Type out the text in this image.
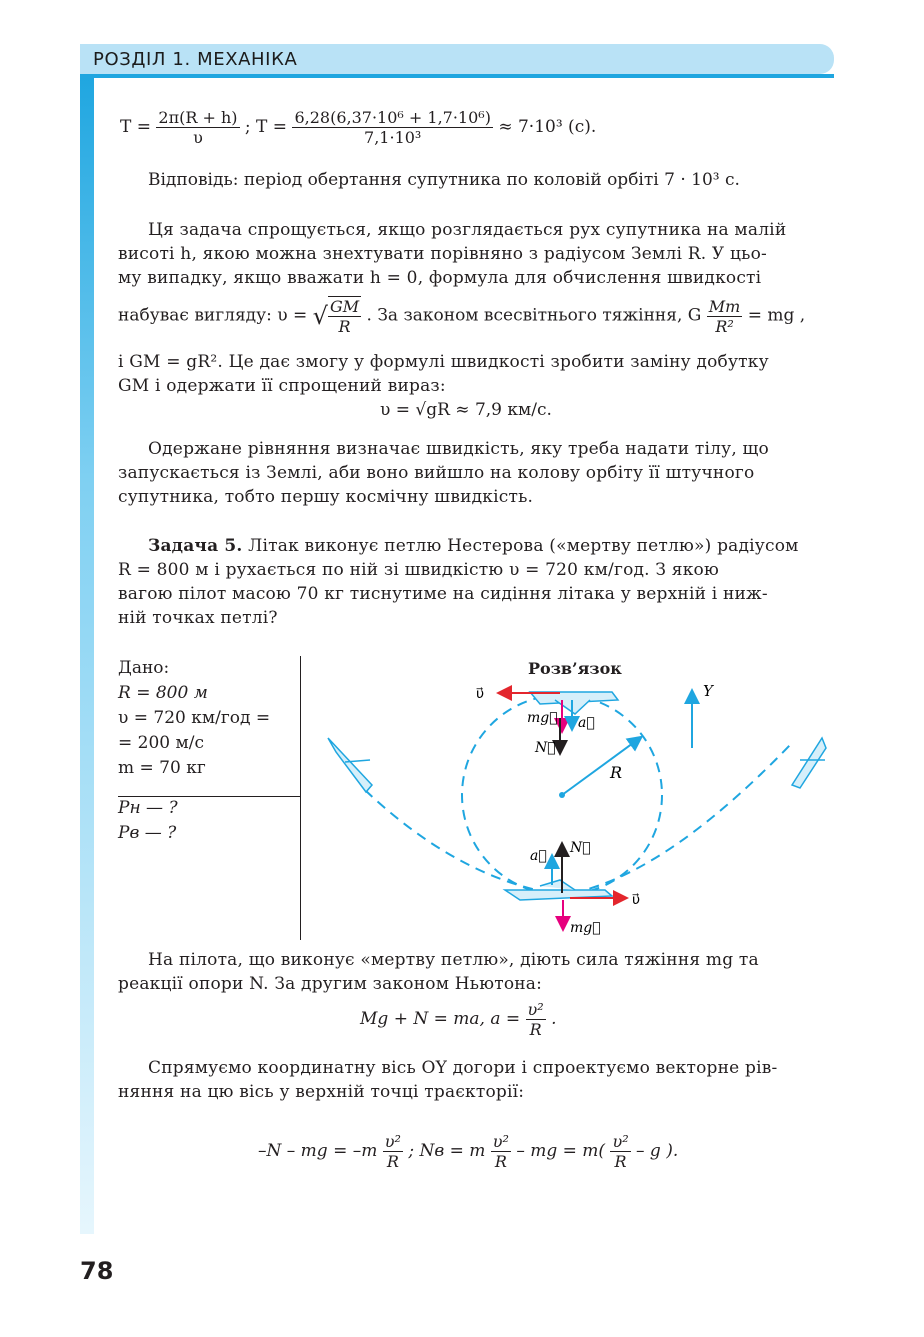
РОЗДІЛ 1. МЕХАНІКА
$T = \frac{2\pi(R + h)}{\upsilon}$ ; $T = \frac{\text{6,28(6,37·10⁶ + 1,7·10⁶)}}{\text{7,1·10³}} \approx 7\cdot 10^3$ (с).
Відповідь: період обертання супутника по коловій орбіті 7 · 10³ с.
Ця задача спрощується, якщо розглядається рух супутника на малій
висоті h, якою можна знехтувати порівняно з радіусом Землі R. У цьо-
му випадку, якщо вважати h = 0, формула для обчислення швидкості
набуває вигляду: υ = √ $\frac{GM}{R}$ . За законом всесвітнього тяжіння, G $\frac{Mm}{\text{R²}}$ = mg ,
і GM = gR². Це дає змогу у формулі швидкості зробити заміну добутку
GM і одержати її спрощений вираз:
υ = √gR ≈ 7,9 км/с.
Одержане рівняння визначає швидкість, яку треба надати тілу, що
запускається із Землі, аби воно вийшло на колову орбіту її штучного
супутника, тобто першу космічну швидкість.
Задача 5. Літак виконує петлю Нестерова («мертву петлю») радіусом
R = 800 м і рухається по ній зі швидкістю υ = 720 км/год. З якою
вагою пілот масою 70 кг тиснутиме на сидіння літака у верхній і ниж-
ній точках петлі?
Дано:
R = 800 м
υ = 720 км/год =
= 200 м/с
m = 70 кг
Pн — ?
Pв — ?
Розв’язок
R
Y
υ⃗
mg⃗ a⃗
N⃗
N⃗
a⃗
υ⃗
mg⃗
На пілота, що виконує «мертву петлю», діють сила тяжіння mg та
реакції опори N. За другим законом Ньютона:
Mg + N = ma, $a = \frac{\text{υ²}}{R}$ .
Спрямуємо координатну вісь OY догори і спроектуємо векторне рів-
няння на цю вісь у верхній точці траєкторії:
–N – mg = $-m \frac{\text{υ²}}{R}$ ; Nв = m $\frac{\text{υ²}}{R}$ – mg = $m( \frac{\text{υ²}}{R}$ – g ).
78
